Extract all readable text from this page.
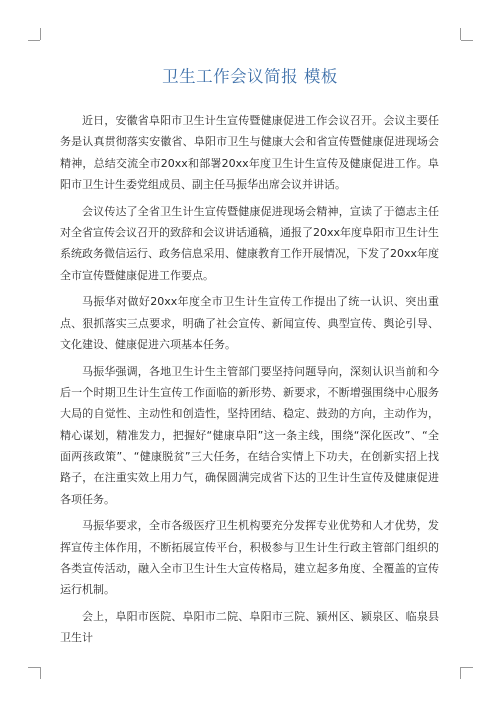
卫生工作会议简报 模板

近日，安徽省阜阳市卫生计生宣传暨健康促进工作会议召开。会议主要任务是认真贯彻落实安徽省、阜阳市卫生与健康大会和省宣传暨健康促进现场会精神，总结交流全市20xx和部署20xx年度卫生计生宣传及健康促进工作。阜阳市卫生计生委党组成员、副主任马振华出席会议并讲话。

会议传达了全省卫生计生宣传暨健康促进现场会精神，宣读了于德志主任对全省宣传会议召开的致辞和会议讲话通稿，通报了20xx年度阜阳市卫生计生系统政务微信运行、政务信息采用、健康教育工作开展情况，下发了20xx年度全市宣传暨健康促进工作要点。

马振华对做好20xx年度全市卫生计生宣传工作提出了统一认识、突出重点、狠抓落实三点要求，明确了社会宣传、新闻宣传、典型宣传、舆论引导、文化建设、健康促进六项基本任务。

马振华强调，各地卫生计生主管部门要坚持问题导向，深刻认识当前和今后一个时期卫生计生宣传工作面临的新形势、新要求，不断增强围绕中心服务大局的自觉性、主动性和创造性，坚持团结、稳定、鼓劲的方向，主动作为，精心谋划，精准发力，把握好“健康阜阳”这一条主线，围绕“深化医改”、“全面两孩政策”、“健康脱贫”三大任务，在结合实情上下功夫，在创新实招上找路子，在注重实效上用力气，确保圆满完成省下达的卫生计生宣传及健康促进各项任务。

马振华要求，全市各级医疗卫生机构要充分发挥专业优势和人才优势，发挥宣传主体作用，不断拓展宣传平台，积极参与卫生计生行政主管部门组织的各类宣传活动，融入全市卫生计生大宣传格局，建立起多角度、全覆盖的宣传运行机制。

会上，阜阳市医院、阜阳市二院、阜阳市三院、颍州区、颍泉区、临泉县卫生计
